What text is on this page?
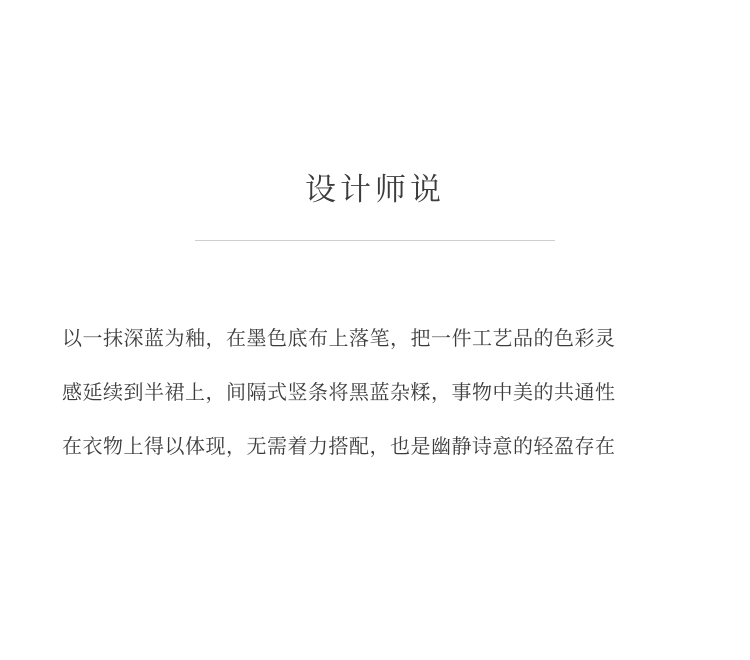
设计师说
以一抹深蓝为釉，在墨色底布上落笔，把一件工艺品的色彩灵
感延续到半裙上，间隔式竖条将黑蓝杂糅，事物中美的共通性
在衣物上得以体现，无需着力搭配，也是幽静诗意的轻盈存在
